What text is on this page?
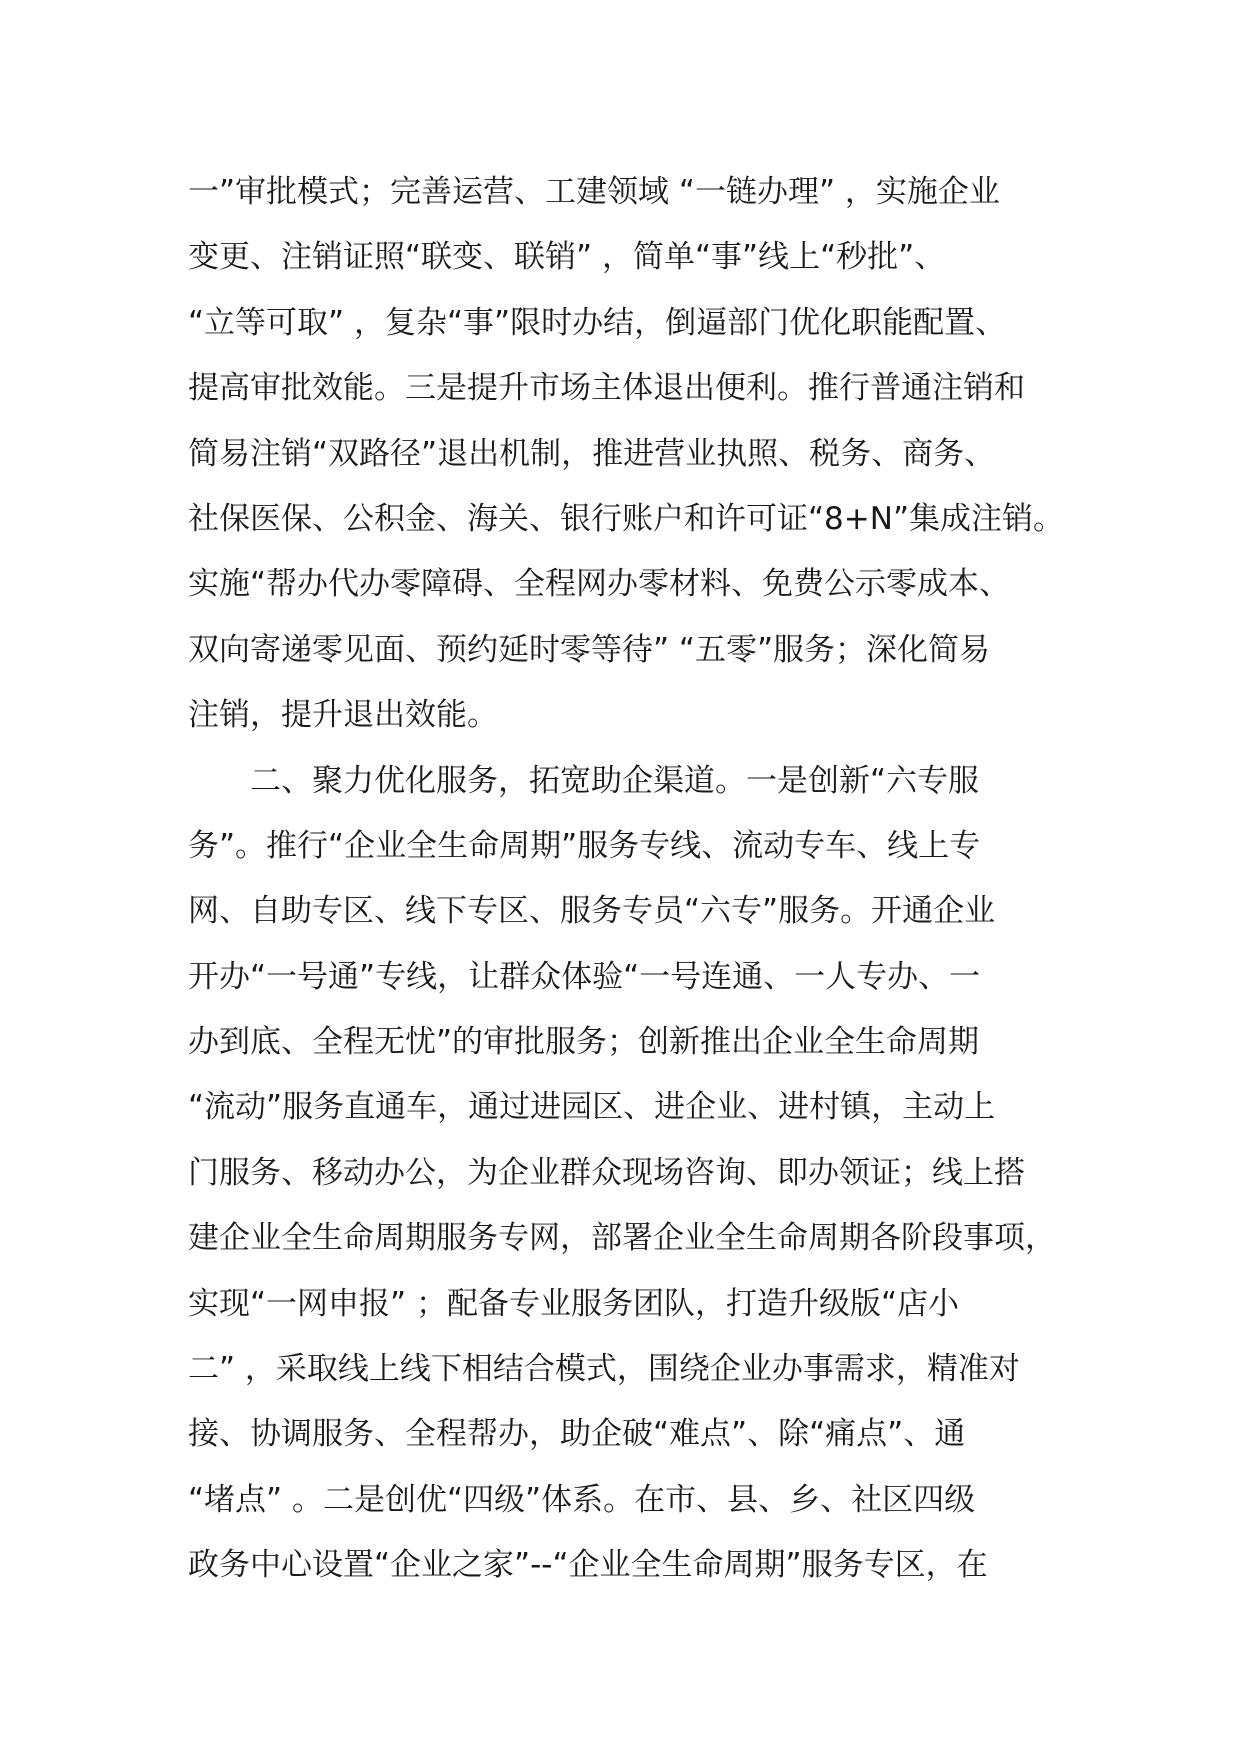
一”审批模式；完善运营、工建领域 “一链办理” ，实施企业
变更、注销证照“联变、联销” ，简单“事”线上“秒批”、
“立等可取” ，复杂“事”限时办结，倒逼部门优化职能配置、
提高审批效能。三是提升市场主体退出便利。推行普通注销和
简易注销“双路径”退出机制，推进营业执照、税务、商务、
社保医保、公积金、海关、银行账户和许可证“8+N”集成注销。
实施“帮办代办零障碍、全程网办零材料、免费公示零成本、
双向寄递零见面、预约延时零等待” “五零”服务；深化简易
注销，提升退出效能。
二、聚力优化服务，拓宽助企渠道。一是创新“六专服
务”。推行“企业全生命周期”服务专线、流动专车、线上专
网、自助专区、线下专区、服务专员“六专”服务。开通企业
开办“一号通”专线，让群众体验“一号连通、一人专办、一
办到底、全程无忧”的审批服务；创新推出企业全生命周期
“流动”服务直通车，通过进园区、进企业、进村镇，主动上
门服务、移动办公，为企业群众现场咨询、即办领证；线上搭
建企业全生命周期服务专网，部署企业全生命周期各阶段事项，
实现“一网申报” ；配备专业服务团队，打造升级版“店小
二” ，采取线上线下相结合模式，围绕企业办事需求，精准对
接、协调服务、全程帮办，助企破“难点”、除“痛点”、通
“堵点” 。二是创优“四级”体系。在市、县、乡、社区四级
政务中心设置“企业之家”--“企业全生命周期”服务专区，在
